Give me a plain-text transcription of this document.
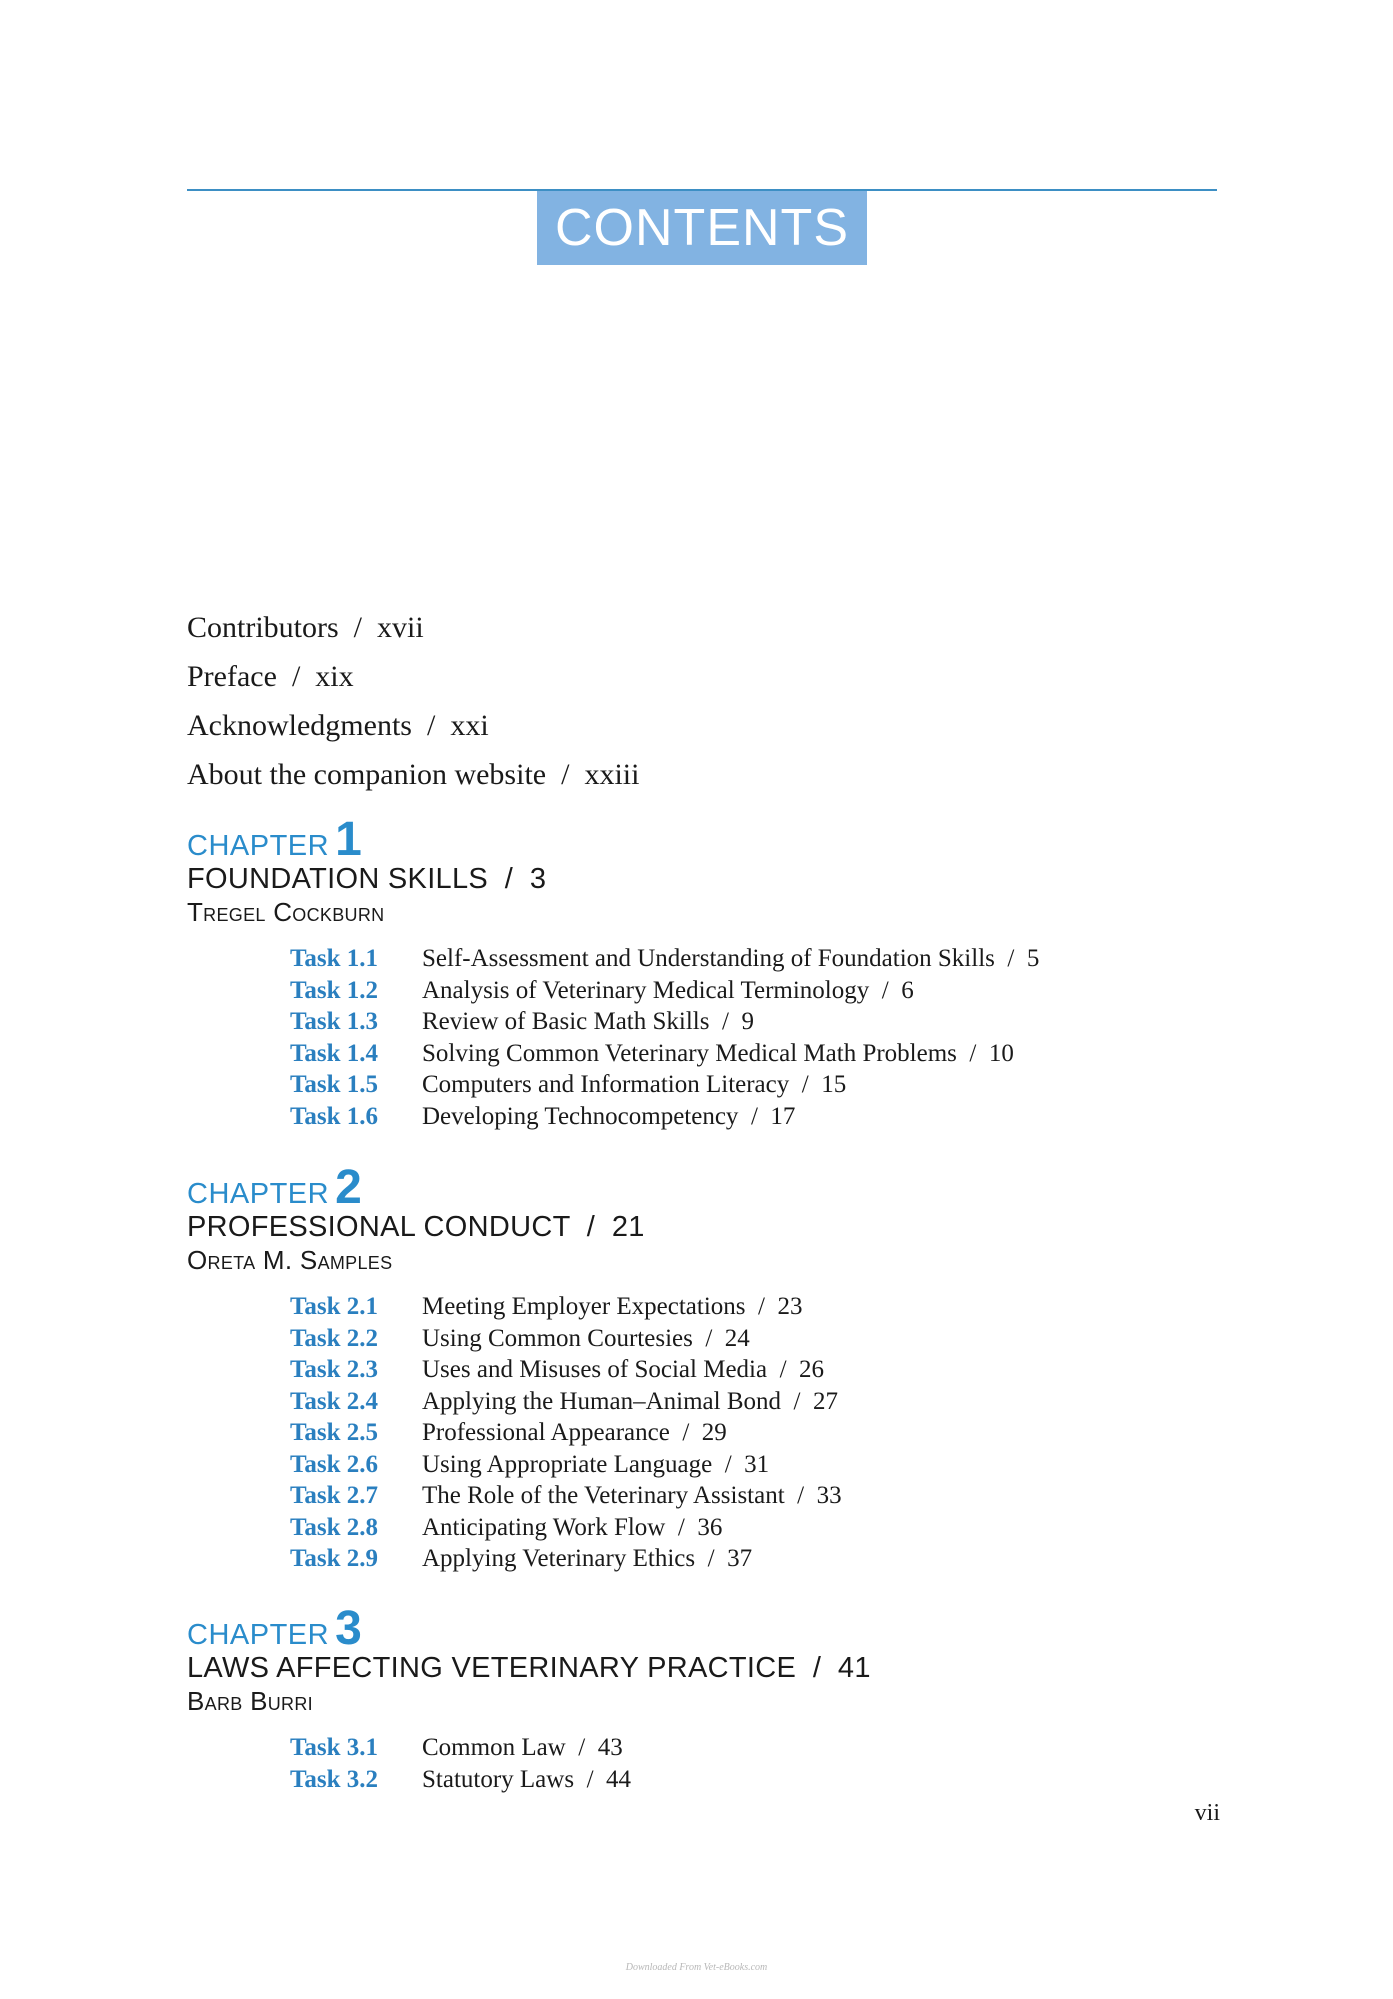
CONTENTS
Contributors  /  xvii
Preface  /  xix
Acknowledgments  /  xxi
About the companion website  /  xxiii
CHAPTER 1
FOUNDATION SKILLS  /  3
Tregel Cockburn
Task 1.1 Self-Assessment and Understanding of Foundation Skills  /  5
Task 1.2 Analysis of Veterinary Medical Terminology  /  6
Task 1.3 Review of Basic Math Skills  /  9
Task 1.4 Solving Common Veterinary Medical Math Problems  /  10
Task 1.5 Computers and Information Literacy  /  15
Task 1.6 Developing Technocompetency  /  17
CHAPTER 2
PROFESSIONAL CONDUCT  /  21
Oreta M. Samples
Task 2.1 Meeting Employer Expectations  /  23
Task 2.2 Using Common Courtesies  /  24
Task 2.3 Uses and Misuses of Social Media  /  26
Task 2.4 Applying the Human–Animal Bond  /  27
Task 2.5 Professional Appearance  /  29
Task 2.6 Using Appropriate Language  /  31
Task 2.7 The Role of the Veterinary Assistant  /  33
Task 2.8 Anticipating Work Flow  /  36
Task 2.9 Applying Veterinary Ethics  /  37
CHAPTER 3
LAWS AFFECTING VETERINARY PRACTICE  /  41
Barb Burri
Task 3.1 Common Law  /  43
Task 3.2 Statutory Laws  /  44
vii
Downloaded From Vet-eBooks.com
